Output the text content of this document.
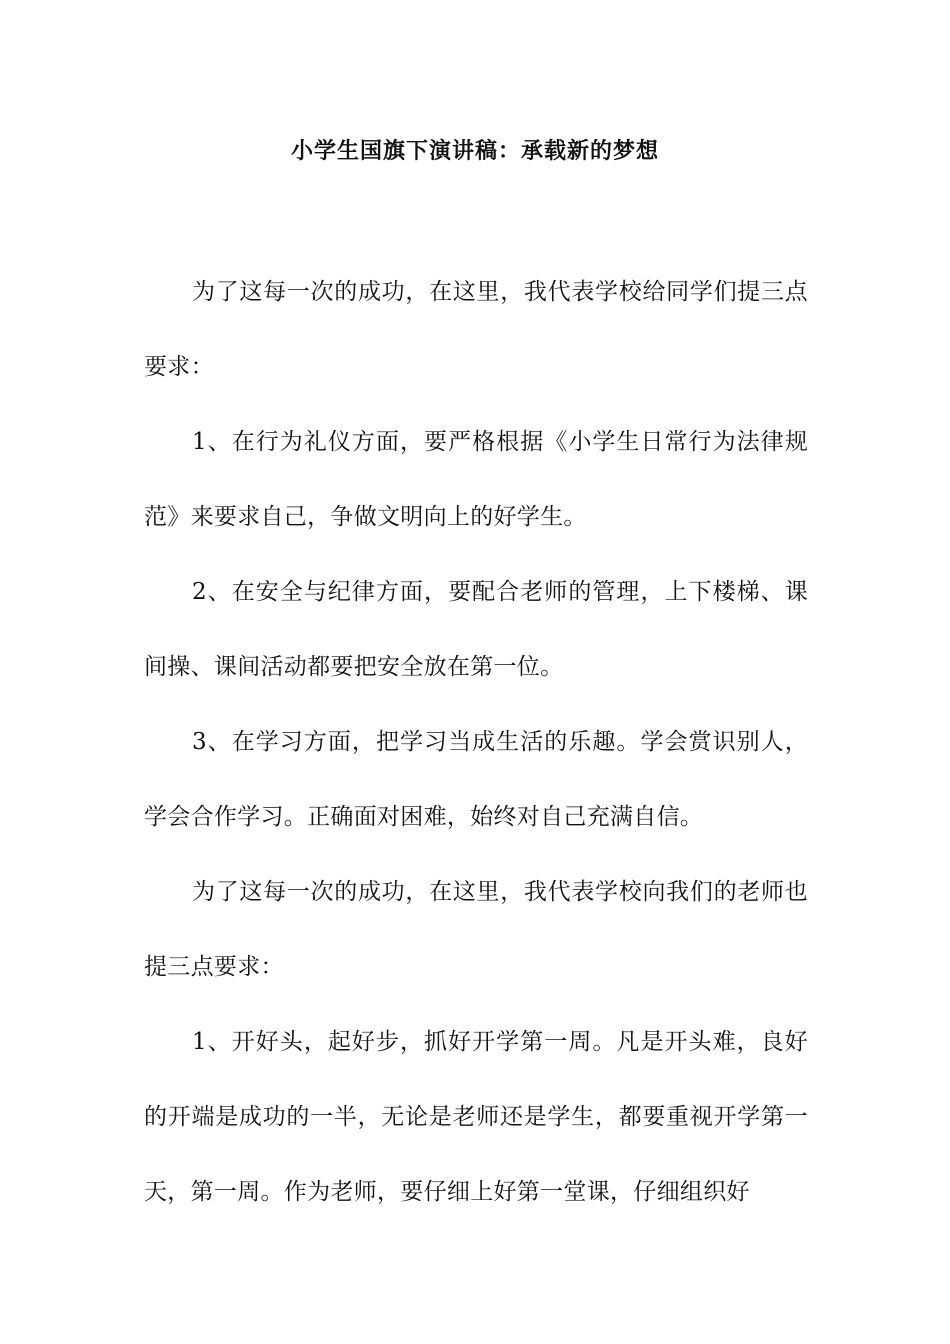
小学生国旗下演讲稿：承载新的梦想

为了这每一次的成功，在这里，我代表学校给同学们提三点要求：

1、在行为礼仪方面，要严格根据《小学生日常行为法律规范》来要求自己，争做文明向上的好学生。

2、在安全与纪律方面，要配合老师的管理，上下楼梯、课间操、课间活动都要把安全放在第一位。

3、在学习方面，把学习当成生活的乐趣。学会赏识别人，学会合作学习。正确面对困难，始终对自己充满自信。

为了这每一次的成功，在这里，我代表学校向我们的老师也提三点要求：

1、开好头，起好步，抓好开学第一周。凡是开头难，良好的开端是成功的一半，无论是老师还是学生，都要重视开学第一天，第一周。作为老师，要仔细上好第一堂课，仔细组织好
